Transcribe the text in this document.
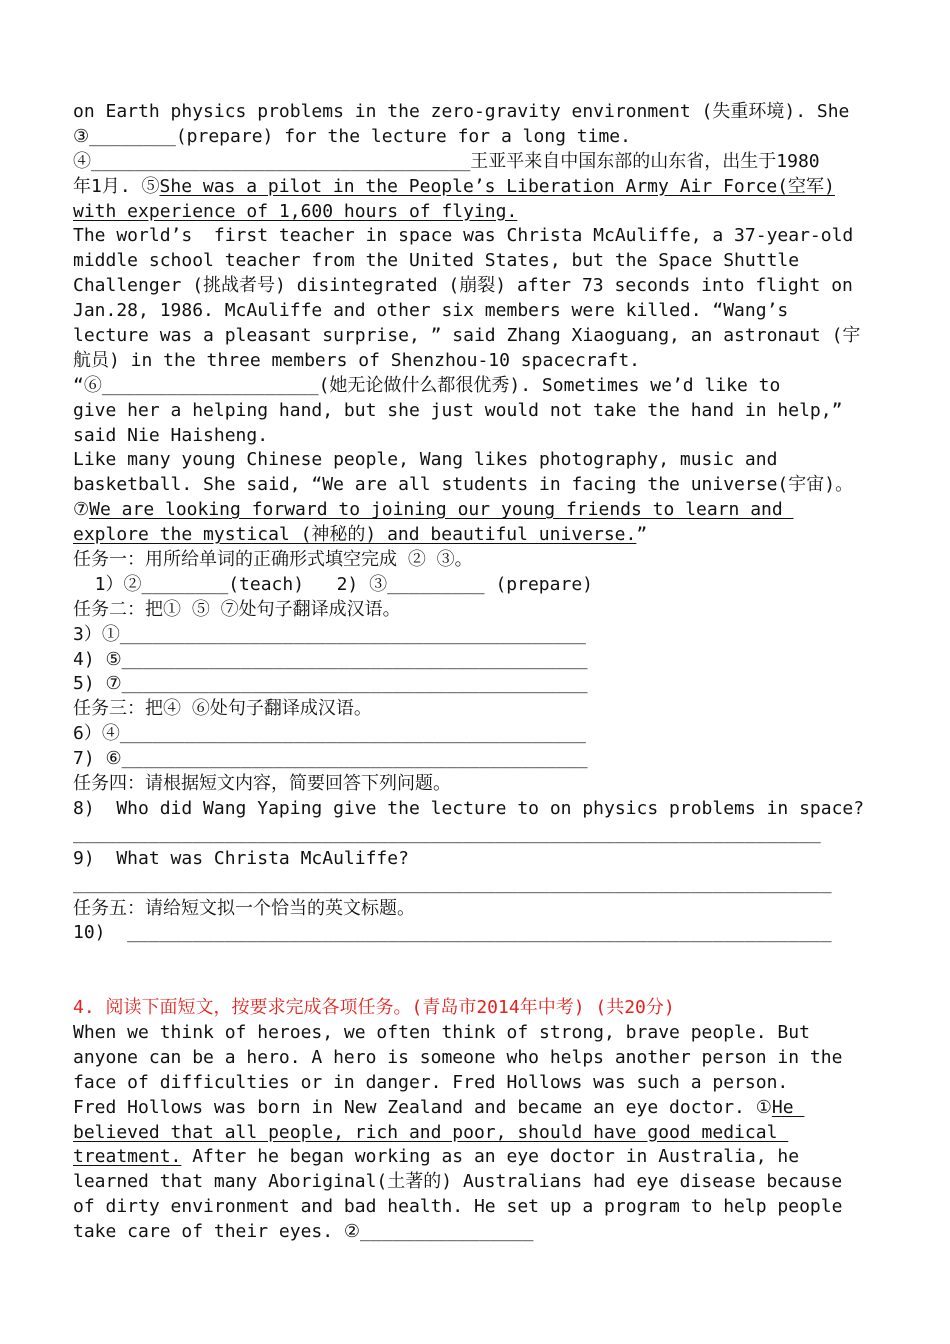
on Earth physics problems in the zero-gravity environment (失重环境). She
③________(prepare) for the lecture for a long time.
④___________________________________王亚平来自中国东部的山东省，出生于1980
年1月. ⑤She was a pilot in the People’s Liberation Army Air Force(空军)
with experience of 1,600 hours of flying.
The world’s  first teacher in space was Christa McAuliffe, a 37-year-old
middle school teacher from the United States, but the Space Shuttle
Challenger (挑战者号) disintegrated (崩裂) after 73 seconds into flight on
Jan.28, 1986. McAuliffe and other six members were killed. “Wang’s
lecture was a pleasant surprise, ” said Zhang Xiaoguang, an astronaut (宇
航员) in the three members of Shenzhou-10 spacecraft.
“⑥____________________(她无论做什么都很优秀). Sometimes we’d like to
give her a helping hand, but she just would not take the hand in help,”
said Nie Haisheng.
Like many young Chinese people, Wang likes photography, music and
basketball. She said, “We are all students in facing the universe(宇宙)。
⑦We are looking forward to joining our young friends to learn and
explore the mystical (神秘的) and beautiful universe.”
任务一：用所给单词的正确形式填空完成 ② ③。
1）②________(teach)   2) ③_________ (prepare)
任务二：把① ⑤ ⑦处句子翻译成汉语。
3）①___________________________________________
4) ⑤___________________________________________
5) ⑦___________________________________________
任务三：把④ ⑥处句子翻译成汉语。
6）④___________________________________________
7) ⑥___________________________________________
任务四：请根据短文内容，简要回答下列问题。
8)  Who did Wang Yaping give the lecture to on physics problems in space?
_____________________________________________________________________
9)  What was Christa McAuliffe?
______________________________________________________________________
任务五：请给短文拟一个恰当的英文标题。
10)  _________________________________________________________________
4. 阅读下面短文，按要求完成各项任务。(青岛市2014年中考) (共20分)
When we think of heroes, we often think of strong, brave people. But
anyone can be a hero. A hero is someone who helps another person in the
face of difficulties or in danger. Fred Hollows was such a person.
Fred Hollows was born in New Zealand and became an eye doctor. ①He
believed that all people, rich and poor, should have good medical
treatment. After he began working as an eye doctor in Australia, he
learned that many Aboriginal(土著的) Australians had eye disease because
of dirty environment and bad health. He set up a program to help people
take care of their eyes. ②________________
